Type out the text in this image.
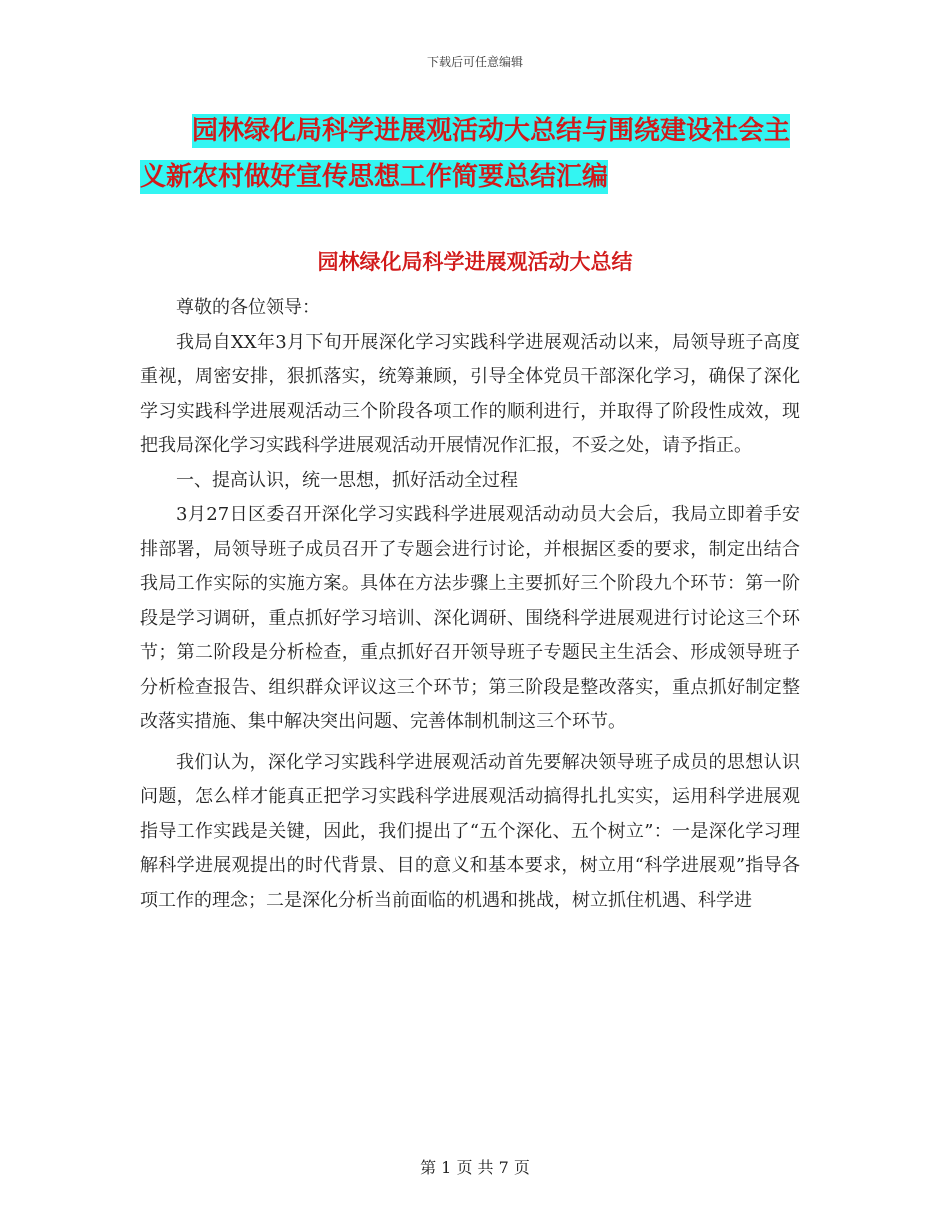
下载后可任意编辑
园林绿化局科学进展观活动大总结与围绕建设社会主
义新农村做好宣传思想工作简要总结汇编
园林绿化局科学进展观活动大总结

尊敬的各位领导：

我局自XX年3月下旬开展深化学习实践科学进展观活动以来，局领导班子高度重视，周密安排，狠抓落实，统筹兼顾，引导全体党员干部深化学习，确保了深化学习实践科学进展观活动三个阶段各项工作的顺利进行，并取得了阶段性成效，现把我局深化学习实践科学进展观活动开展情况作汇报，不妥之处，请予指正。

一、提高认识，统一思想，抓好活动全过程

3月27日区委召开深化学习实践科学进展观活动动员大会后，我局立即着手安排部署，局领导班子成员召开了专题会进行讨论，并根据区委的要求，制定出结合我局工作实际的实施方案。具体在方法步骤上主要抓好三个阶段九个环节：第一阶段是学习调研，重点抓好学习培训、深化调研、围绕科学进展观进行讨论这三个环节；第二阶段是分析检查，重点抓好召开领导班子专题民主生活会、形成领导班子分析检查报告、组织群众评议这三个环节；第三阶段是整改落实，重点抓好制定整改落实措施、集中解决突出问题、完善体制机制这三个环节。

我们认为，深化学习实践科学进展观活动首先要解决领导班子成员的思想认识问题，怎么样才能真正把学习实践科学进展观活动搞得扎扎实实，运用科学进展观指导工作实践是关键，因此，我们提出了“五个深化、五个树立”：一是深化学习理解科学进展观提出的时代背景、目的意义和基本要求，树立用“科学进展观”指导各项工作的理念；二是深化分析当前面临的机遇和挑战，树立抓住机遇、科学进

第 1 页 共 7 页
